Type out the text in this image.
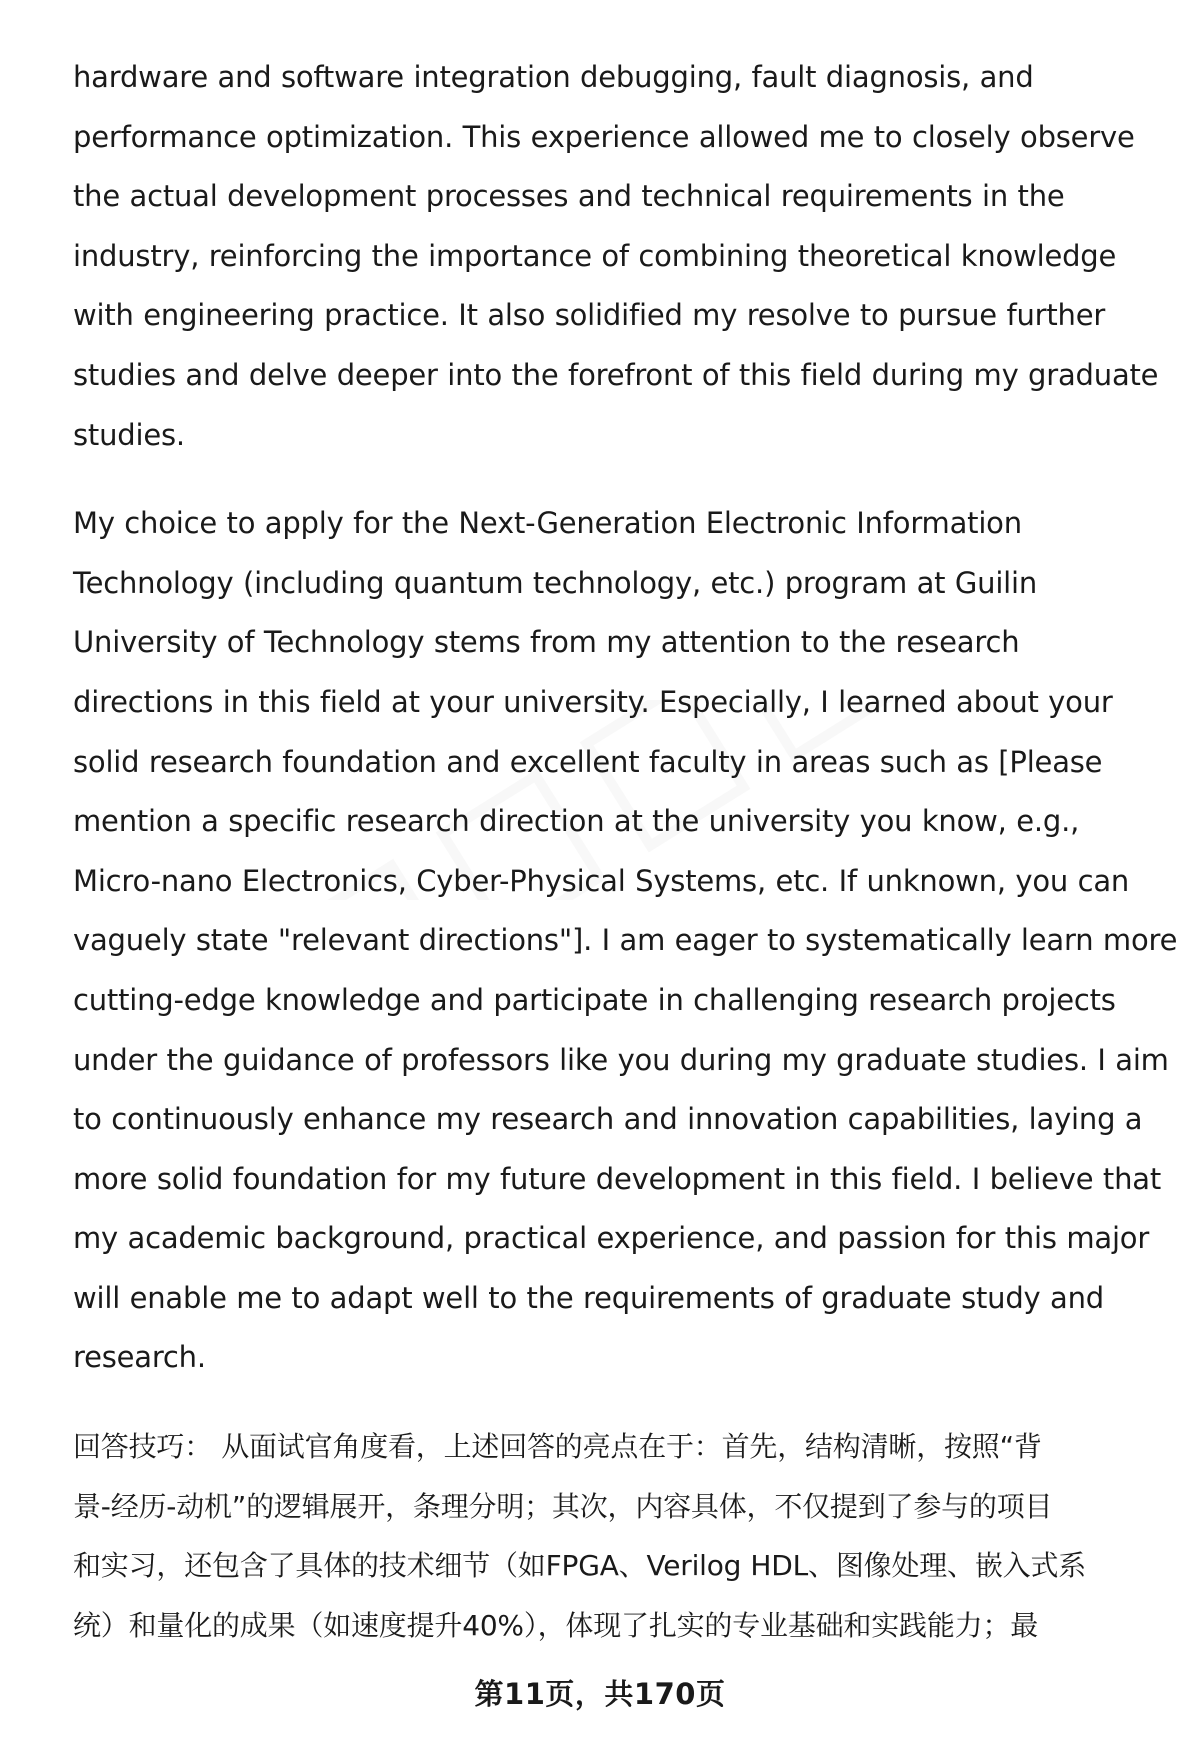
hardware and software integration debugging, fault diagnosis, and
performance optimization. This experience allowed me to closely observe
the actual development processes and technical requirements in the
industry, reinforcing the importance of combining theoretical knowledge
with engineering practice. It also solidified my resolve to pursue further
studies and delve deeper into the forefront of this field during my graduate
studies.

My choice to apply for the Next-Generation Electronic Information
Technology (including quantum technology, etc.) program at Guilin
University of Technology stems from my attention to the research
directions in this field at your university. Especially, I learned about your
solid research foundation and excellent faculty in areas such as [Please
mention a specific research direction at the university you know, e.g.,
Micro-nano Electronics, Cyber-Physical Systems, etc. If unknown, you can
vaguely state "relevant directions"]. I am eager to systematically learn more
cutting-edge knowledge and participate in challenging research projects
under the guidance of professors like you during my graduate studies. I aim
to continuously enhance my research and innovation capabilities, laying a
more solid foundation for my future development in this field. I believe that
my academic background, practical experience, and passion for this major
will enable me to adapt well to the requirements of graduate study and
research.

回答技巧： 从面试官角度看，上述回答的亮点在于：首先，结构清晰，按照“背
景-经历-动机”的逻辑展开，条理分明；其次，内容具体，不仅提到了参与的项目
和实习，还包含了具体的技术细节（如FPGA、Verilog HDL、图像处理、嵌入式系
统）和量化的成果（如速度提升40%），体现了扎实的专业基础和实践能力；最

第11页，共170页
